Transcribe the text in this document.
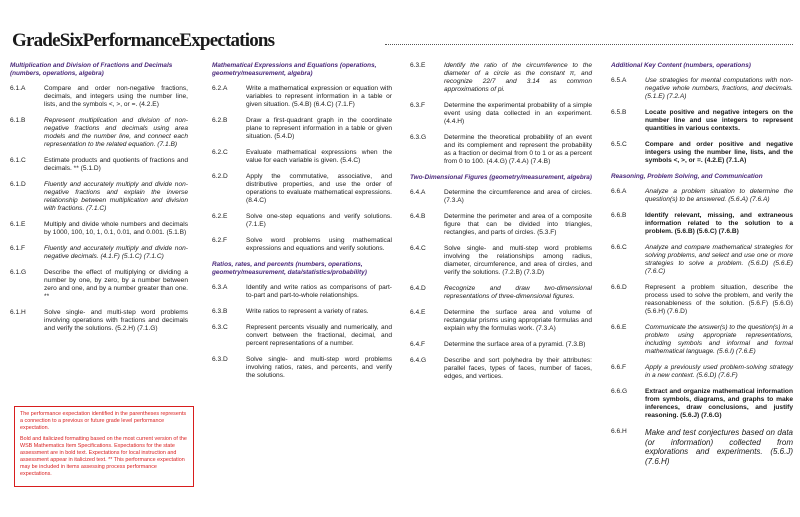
GradeSixPerformanceExpectations
Multiplication and Division of Fractions and Decimals (numbers, operations, algebra)
6.1.A	Compare and order non-negative fractions, decimals, and integers using the number line, lists, and the symbols <, >, or =. (4.2.E)
6.1.B	Represent multiplication and division of non-negative fractions and decimals using area models and the number line, and connect each representation to the related equation. (7.1.B)
6.1.C	Estimate products and quotients of fractions and decimals. ** (5.1.D)
6.1.D	Fluently and accurately multiply and divide non-negative fractions and explain the inverse relationship between multiplication and division with fractions. (7.1.C)
6.1.E	Multiply and divide whole numbers and decimals by 1000, 100, 10, 1, 0.1, 0.01, and 0.001. (5.1.B)
6.1.F	Fluently and accurately multiply and divide non-negative decimals. (4.1.F) (5.1.C) (7.1.C)
6.1.G	Describe the effect of multiplying or dividing a number by one, by zero, by a number between zero and one, and by a number greater than one. **
6.1.H	Solve single- and multi-step word problems involving operations with fractions and decimals and verify the solutions. (5.2.H) (7.1.G)

The performance expectation identified in the parentheses represents a connection to a previous or future grade level performance expectation.

Bold and italicized formatting based on the most current version of the WSB Mathematics Item Specifications. Expectations for the state assessment are in bold text. Expectations for local instruction and assessment appear in italicized text. ** This performance expectation may be included in items assessing process performance expectations.

Mathematical Expressions and Equations (operations, geometry/measurement, algebra)
6.2.A	Write a mathematical expression or equation with variables to represent information in a table or given situation. (5.4.B) (6.4.C) (7.1.F)
6.2.B	Draw a first-quadrant graph in the coordinate plane to represent information in a table or given situation. (5.4.D)
6.2.C	Evaluate mathematical expressions when the value for each variable is given. (5.4.C)
6.2.D	Apply the commutative, associative, and distributive properties, and use the order of operations to evaluate mathematical expressions. (8.4.C)
6.2.E	Solve one-step equations and verify solutions. (7.1.E)
6.2.F	Solve word problems using mathematical expressions and equations and verify solutions.
Ratios, rates, and percents (numbers, operations, geometry/measurement, data/statistics/probability)
6.3.A	Identify and write ratios as comparisons of part-to-part and part-to-whole relationships.
6.3.B	Write ratios to represent a variety of rates.
6.3.C	Represent percents visually and numerically, and convert between the fractional, decimal, and percent representations of a number.
6.3.D	Solve single- and multi-step word problems involving ratios, rates, and percents, and verify the solutions.
6.3.E	Identify the ratio of the circumference to the diameter of a circle as the constant π, and recognize 22/7 and 3.14 as common approximations of pi.
6.3.F	Determine the experimental probability of a simple event using data collected in an experiment. (4.4.H)
6.3.G	Determine the theoretical probability of an event and its complement and represent the probability as a fraction or decimal from 0 to 1 or as a percent from 0 to 100. (4.4.G) (7.4.A) (7.4.B)
Two-Dimensional Figures (geometry/measurement, algebra)
6.4.A	Determine the circumference and area of circles. (7.3.A)
6.4.B	Determine the perimeter and area of a composite figure that can be divided into triangles, rectangles, and parts of circles. (5.3.F)
6.4.C	Solve single- and multi-step word problems involving the relationships among radius, diameter, circumference, and area of circles, and verify the solutions. (7.2.B) (7.3.D)
6.4.D	Recognize and draw two-dimensional representations of three-dimensional figures.
6.4.E	Determine the surface area and volume of rectangular prisms using appropriate formulas and explain why the formulas work. (7.3.A)
6.4.F	Determine the surface area of a pyramid. (7.3.B)
6.4.G	Describe and sort polyhedra by their attributes: parallel faces, types of faces, number of faces, edges, and vertices.
Additional Key Content (numbers, operations)
6.5.A	Use strategies for mental computations with non-negative whole numbers, fractions, and decimals. (5.1.E) (7.2.A)
6.5.B	Locate positive and negative integers on the number line and use integers to represent quantities in various contexts.
6.5.C	Compare and order positive and negative integers using the number line, lists, and the symbols <, >, or =. (4.2.E) (7.1.A)
Reasoning, Problem Solving, and Communication
6.6.A	Analyze a problem situation to determine the question(s) to be answered. (5.6.A) (7.6.A)
6.6.B	Identify relevant, missing, and extraneous information related to the solution to a problem. (5.6.B) (5.6.C) (7.6.B)
6.6.C	Analyze and compare mathematical strategies for solving problems, and select and use one or more strategies to solve a problem. (5.6.D) (5.6.E) (7.6.C)
6.6.D	Represent a problem situation, describe the process used to solve the problem, and verify the reasonableness of the solution. (5.6.F) (5.6.G) (5.6.H) (7.6.D)
6.6.E	Communicate the answer(s) to the question(s) in a problem using appropriate representations, including symbols and informal and formal mathematical language. (5.6.I) (7.6.E)
6.6.F	Apply a previously used problem-solving strategy in a new context. (5.6.D) (7.6.F)
6.6.G	Extract and organize mathematical information from symbols, diagrams, and graphs to make inferences, draw conclusions, and justify reasoning. (5.6.J) (7.6.G)
6.6.H	Make and test conjectures based on data (or information) collected from explorations and experiments. (5.6.J)(7.6.H)
